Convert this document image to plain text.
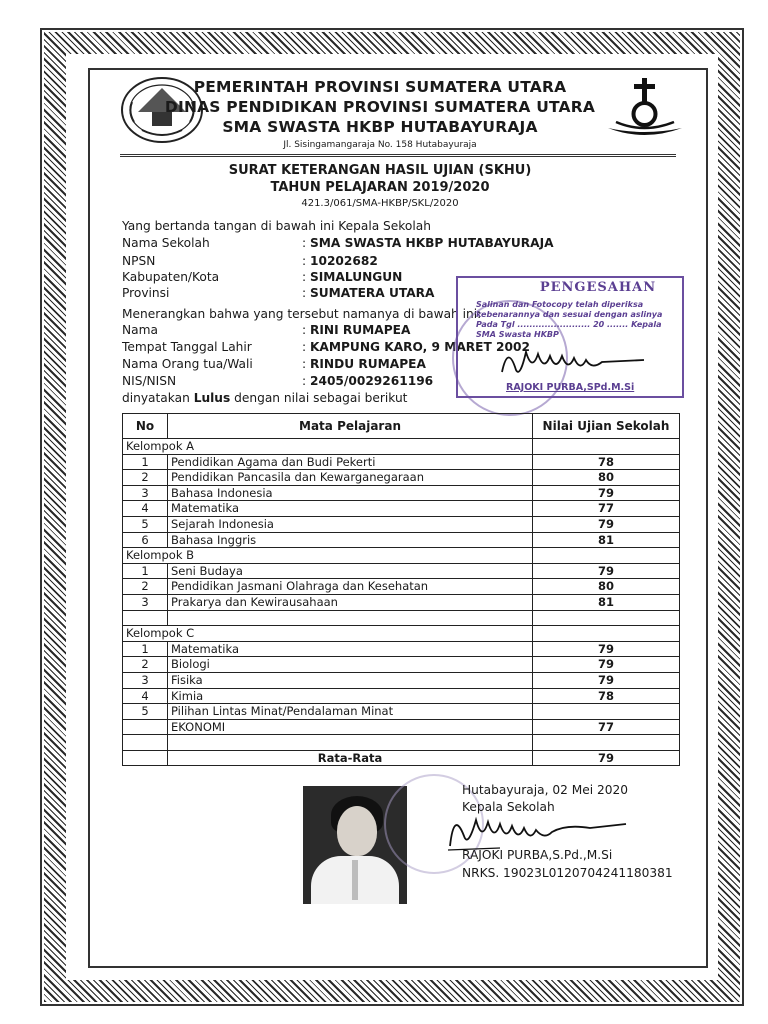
PEMERINTAH PROVINSI SUMATERA UTARA
DINAS PENDIDIKAN PROVINSI SUMATERA UTARA
SMA SWASTA HKBP HUTABAYURAJA
Jl. Sisingamangaraja No. 158 Hutabayuraja
SURAT KETERANGAN HASIL UJIAN (SKHU)
TAHUN PELAJARAN 2019/2020
421.3/061/SMA-HKBP/SKL/2020
Yang bertanda tangan di bawah ini Kepala Sekolah
Nama Sekolah	: SMA SWASTA HKBP HUTABAYURAJA
NPSN	: 10202682
Kabupaten/Kota	: SIMALUNGUN
Provinsi	: SUMATERA UTARA
Menerangkan bahwa yang tersebut namanya di bawah ini:
Nama	: RINI RUMAPEA
Tempat Tanggal Lahir	: KAMPUNG KARO, 9 MARET 2002
Nama Orang tua/Wali	: RINDU RUMAPEA
NIS/NISN	: 2405/0029261196
dinyatakan Lulus dengan nilai sebagai berikut
PENGESAHAN
Salinan dan Fotocopy telah diperiksa kebenarannya dan sesuai dengan aslinya Pada Tgl ........................ 20 ....... Kepala SMA Swasta HKBP
RAJOKI PURBA,SPd.M.Si
No	Mata Pelajaran	Nilai Ujian Sekolah
Kelompok A		
1	Pendidikan Agama dan Budi Pekerti	78
2	Pendidikan Pancasila dan Kewarganegaraan	80
3	Bahasa Indonesia	79
4	Matematika	77
5	Sejarah Indonesia	79
6	Bahasa Inggris	81
Kelompok B		
1	Seni Budaya	79
2	Pendidikan Jasmani Olahraga dan Kesehatan	80
3	Prakarya dan Kewirausahaan	81

Kelompok C		
1	Matematika	79
2	Biologi	79
3	Fisika	79
4	Kimia	78
5	Pilihan Lintas Minat/Pendalaman Minat	
	EKONOMI	77

	Rata-Rata	79
Hutabayuraja, 02 Mei 2020
Kepala Sekolah
RAJOKI PURBA,S.Pd.,M.Si
NRKS. 19023L0120704241180381
